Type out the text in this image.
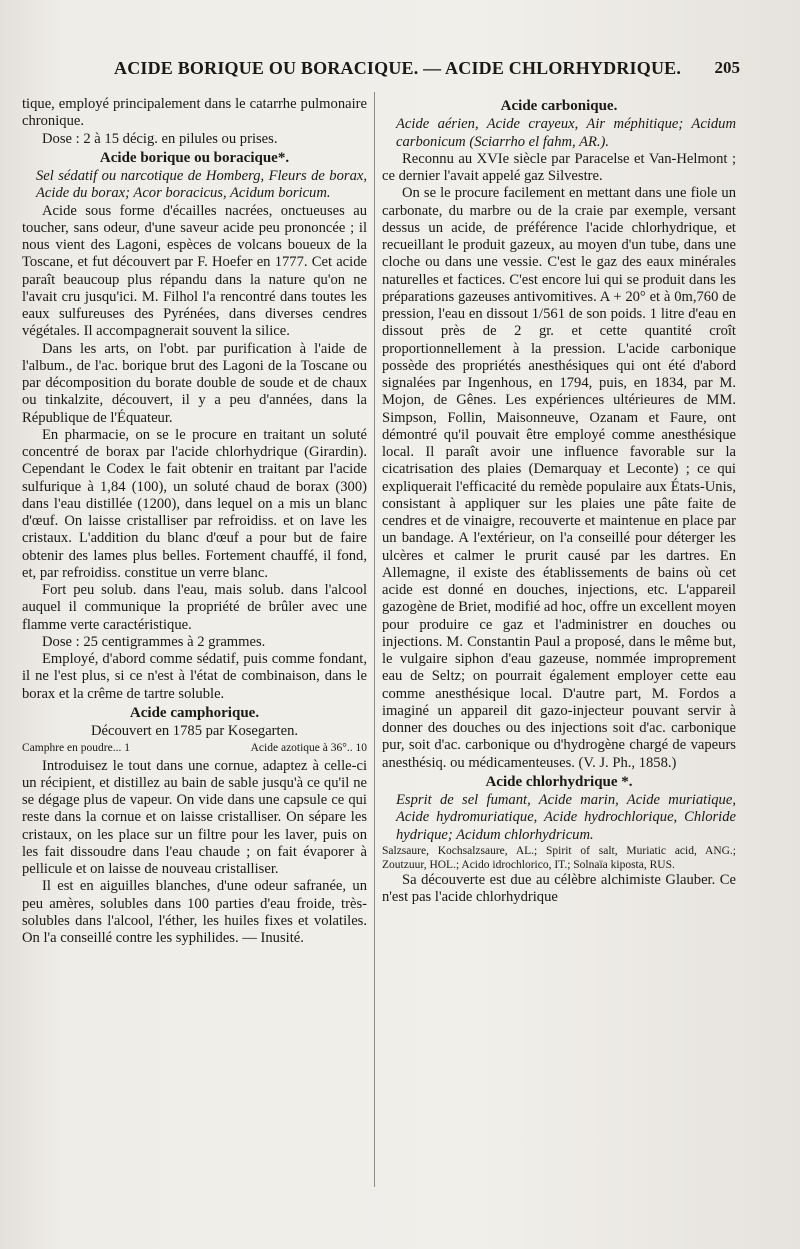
ACIDE BORIQUE OU BORACIQUE. — ACIDE CHLORHYDRIQUE. 205

tique, employé principalement dans le catarrhe pulmonaire chronique.

Dose : 2 à 15 décig. en pilules ou prises.

Acide borique ou boracique*.

Sel sédatif ou narcotique de Homberg, Fleurs de borax, Acide du borax; Acor boracicus, Acidum boricum.

Acide sous forme d'écailles nacrées, onctueuses au toucher, sans odeur, d'une saveur acide peu prononcée ; il nous vient des Lagoni, espèces de volcans boueux de la Toscane, et fut découvert par F. Hoefer en 1777. Cet acide paraît beaucoup plus répandu dans la nature qu'on ne l'avait cru jusqu'ici. M. Filhol l'a rencontré dans toutes les eaux sulfureuses des Pyrénées, dans diverses cendres végétales. Il accompagnerait souvent la silice.

Dans les arts, on l'obt. par purification à l'aide de l'album., de l'ac. borique brut des Lagoni de la Toscane ou par décomposition du borate double de soude et de chaux ou tinkalzite, découvert, il y a peu d'années, dans la République de l'Équateur.

En pharmacie, on se le procure en traitant un soluté concentré de borax par l'acide chlorhydrique (Girardin). Cependant le Codex le fait obtenir en traitant par l'acide sulfurique à 1,84 (100), un soluté chaud de borax (300) dans l'eau distillée (1200), dans lequel on a mis un blanc d'œuf. On laisse cristalliser par refroidiss. et on lave les cristaux. L'addition du blanc d'œuf a pour but de faire obtenir des lames plus belles. Fortement chauffé, il fond, et, par refroidiss. constitue un verre blanc.

Fort peu solub. dans l'eau, mais solub. dans l'alcool auquel il communique la propriété de brûler avec une flamme verte caractéristique.

Dose : 25 centigrammes à 2 grammes.

Employé, d'abord comme sédatif, puis comme fondant, il ne l'est plus, si ce n'est à l'état de combinaison, dans le borax et la crême de tartre soluble.

Acide camphorique.

Découvert en 1785 par Kosegarten.

Camphre en poudre... 1	Acide azotique à 36°.. 10

Introduisez le tout dans une cornue, adaptez à celle-ci un récipient, et distillez au bain de sable jusqu'à ce qu'il ne se dégage plus de vapeur. On vide dans une capsule ce qui reste dans la cornue et on laisse cristalliser. On sépare les cristaux, on les place sur un filtre pour les laver, puis on les fait dissoudre dans l'eau chaude ; on fait évaporer à pellicule et on laisse de nouveau cristalliser.

Il est en aiguilles blanches, d'une odeur safranée, un peu amères, solubles dans 100 parties d'eau froide, très-solubles dans l'alcool, l'éther, les huiles fixes et volatiles. On l'a conseillé contre les syphilides. — Inusité.

Acide carbonique.

Acide aérien, Acide crayeux, Air méphitique; Acidum carbonicum (Sciarrho el fahm, AR.).

Reconnu au XVIe siècle par Paracelse et Van-Helmont ; ce dernier l'avait appelé gaz Silvestre.

On se le procure facilement en mettant dans une fiole un carbonate, du marbre ou de la craie par exemple, versant dessus un acide, de préférence l'acide chlorhydrique, et recueillant le produit gazeux, au moyen d'un tube, dans une cloche ou dans une vessie. C'est le gaz des eaux minérales naturelles et factices. C'est encore lui qui se produit dans les préparations gazeuses antivomitives. A + 20° et à 0m,760 de pression, l'eau en dissout 1/561 de son poids. 1 litre d'eau en dissout près de 2 gr. et cette quantité croît proportionnellement à la pression. L'acide carbonique possède des propriétés anesthésiques qui ont été d'abord signalées par Ingenhous, en 1794, puis, en 1834, par M. Mojon, de Gênes. Les expériences ultérieures de MM. Simpson, Follin, Maisonneuve, Ozanam et Faure, ont démontré qu'il pouvait être employé comme anesthésique local. Il paraît avoir une influence favorable sur la cicatrisation des plaies (Demarquay et Leconte) ; ce qui expliquerait l'efficacité du remède populaire aux États-Unis, consistant à appliquer sur les plaies une pâte faite de cendres et de vinaigre, recouverte et maintenue en place par un bandage. A l'extérieur, on l'a conseillé pour déterger les ulcères et calmer le prurit causé par les dartres. En Allemagne, il existe des établissements de bains où cet acide est donné en douches, injections, etc. L'appareil gazogène de Briet, modifié ad hoc, offre un excellent moyen pour produire ce gaz et l'administrer en douches ou injections. M. Constantin Paul a proposé, dans le même but, le vulgaire siphon d'eau gazeuse, nommée improprement eau de Seltz; on pourrait également employer cette eau comme anesthésique local. D'autre part, M. Fordos a imaginé un appareil dit gazo-injecteur pouvant servir à donner des douches ou des injections soit d'ac. carbonique pur, soit d'ac. carbonique ou d'hydrogène chargé de vapeurs anesthésiq. ou médicamenteuses. (V. J. Ph., 1858.)

Acide chlorhydrique *.

Esprit de sel fumant, Acide marin, Acide muriatique, Acide hydromuriatique, Acide hydrochlorique, Chloride hydrique; Acidum chlorhydricum.

Salzsaure, Kochsalzsaure, AL.; Spirit of salt, Muriatic acid, ANG.; Zoutzuur, HOL.; Acido idrochlorico, IT.; Solnaïa kiposta, RUS.

Sa découverte est due au célèbre alchimiste Glauber. Ce n'est pas l'acide chlorhydrique
